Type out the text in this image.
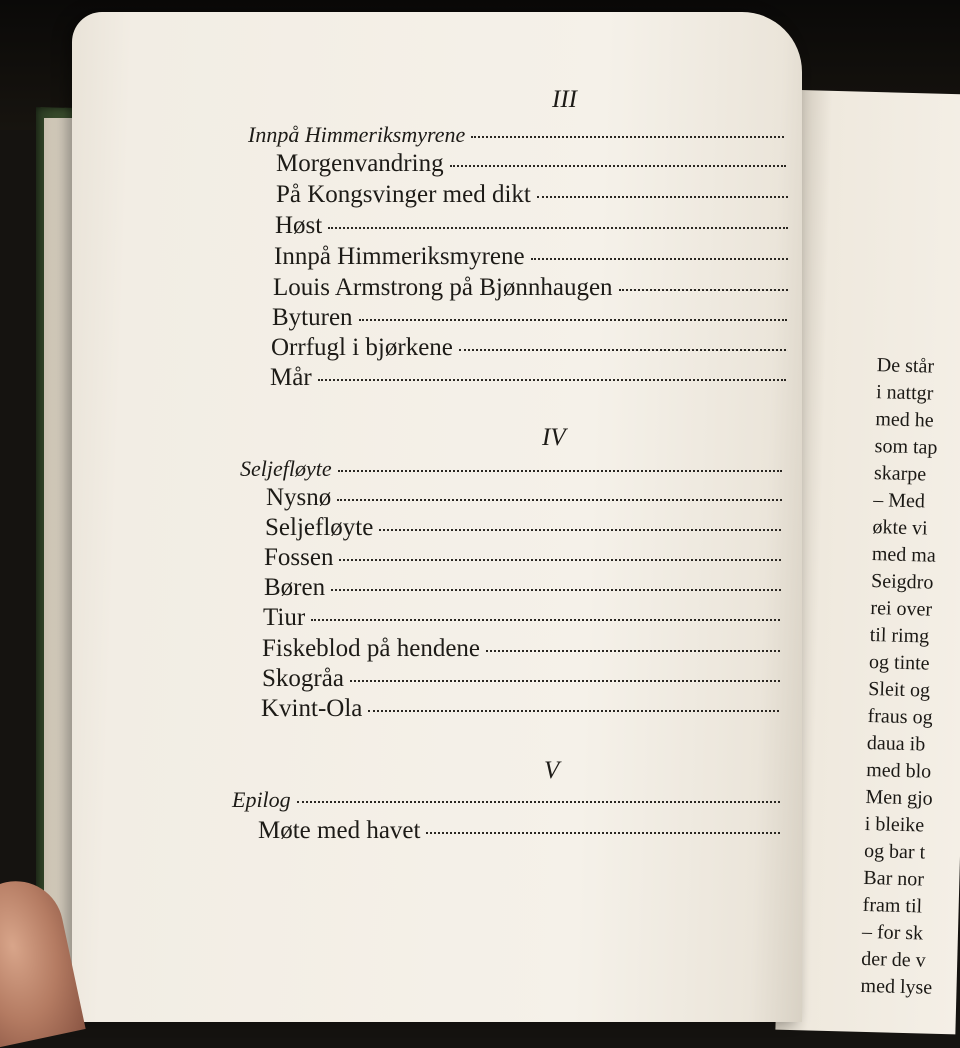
De står
i nattgr
med he
som tap
skarpe
– Med
økte vi
med ma
Seigdro
rei over
til rimg
og tinte
Sleit og
fraus og
daua ib
med blo
Men gjo
i bleike
og bar t
Bar nor
fram til
– for sk
der de v
med lyse
III
Innpå Himmeriksmyrene
Morgenvandring
På Kongsvinger med dikt
Høst
Innpå Himmeriksmyrene
Louis Armstrong på Bjønnhaugen
Byturen
Orrfugl i bjørkene
Mår
IV
Seljefløyte
Nysnø
Seljefløyte
Fossen
Børen
Tiur
Fiskeblod på hendene
Skogråa
Kvint-Ola
V
Epilog
Møte med havet
